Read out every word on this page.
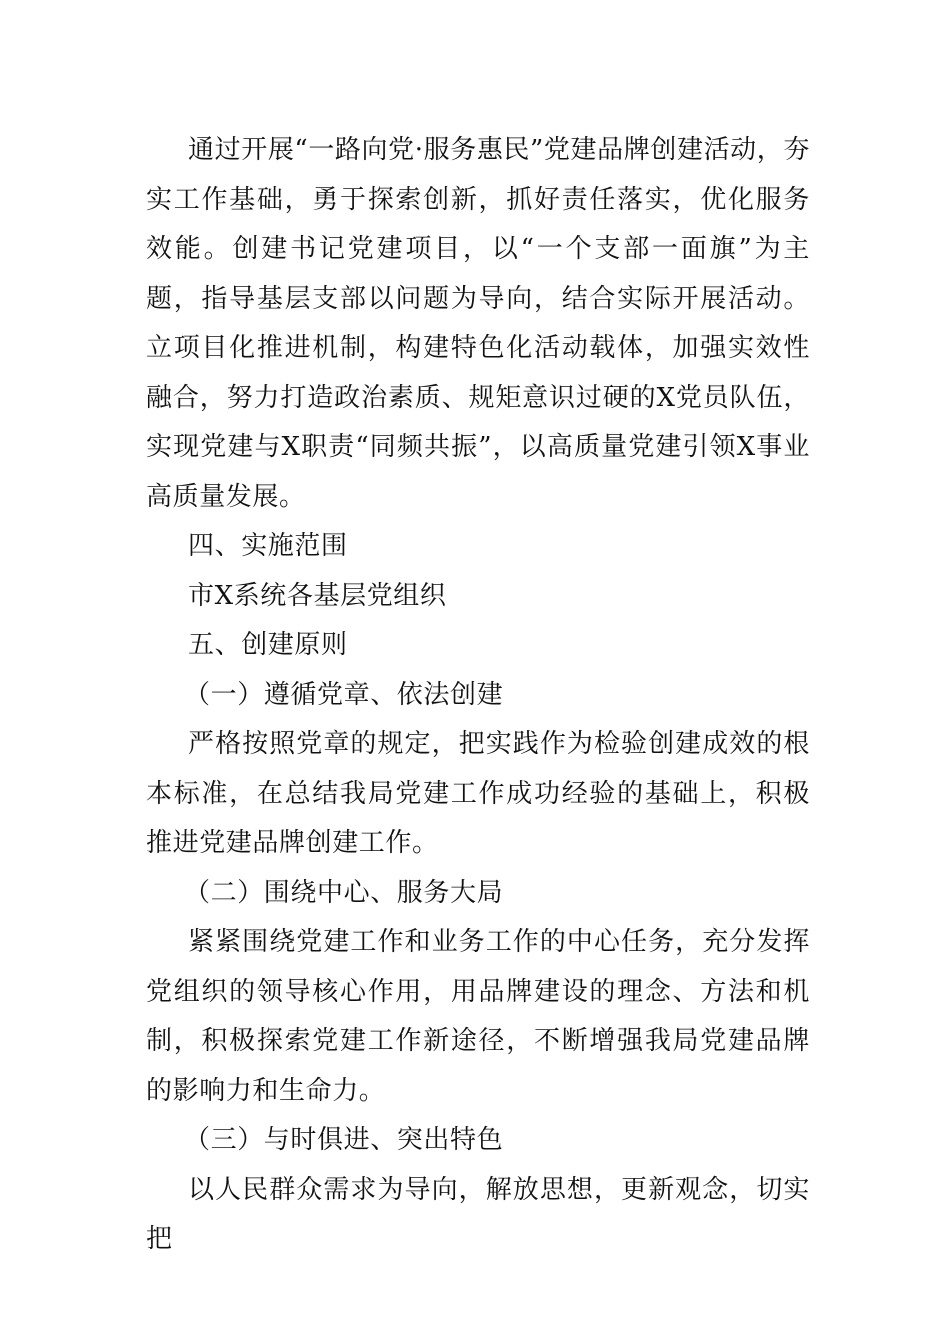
通过开展“一路向党·服务惠民”党建品牌创建活动，夯实工作基础，勇于探索创新，抓好责任落实，优化服务效能。创建书记党建项目，以“一个支部一面旗”为主题，指导基层支部以问题为导向，结合实际开展活动。立项目化推进机制，构建特色化活动载体，加强实效性融合，努力打造政治素质、规矩意识过硬的X党员队伍，实现党建与X职责“同频共振”，以高质量党建引领X事业高质量发展。

四、实施范围

市X系统各基层党组织

五、创建原则

（一）遵循党章、依法创建

严格按照党章的规定，把实践作为检验创建成效的根本标准，在总结我局党建工作成功经验的基础上，积极推进党建品牌创建工作。

（二）围绕中心、服务大局

紧紧围绕党建工作和业务工作的中心任务，充分发挥党组织的领导核心作用，用品牌建设的理念、方法和机制，积极探索党建工作新途径，不断增强我局党建品牌的影响力和生命力。

（三）与时俱进、突出特色

以人民群众需求为导向，解放思想，更新观念，切实把
